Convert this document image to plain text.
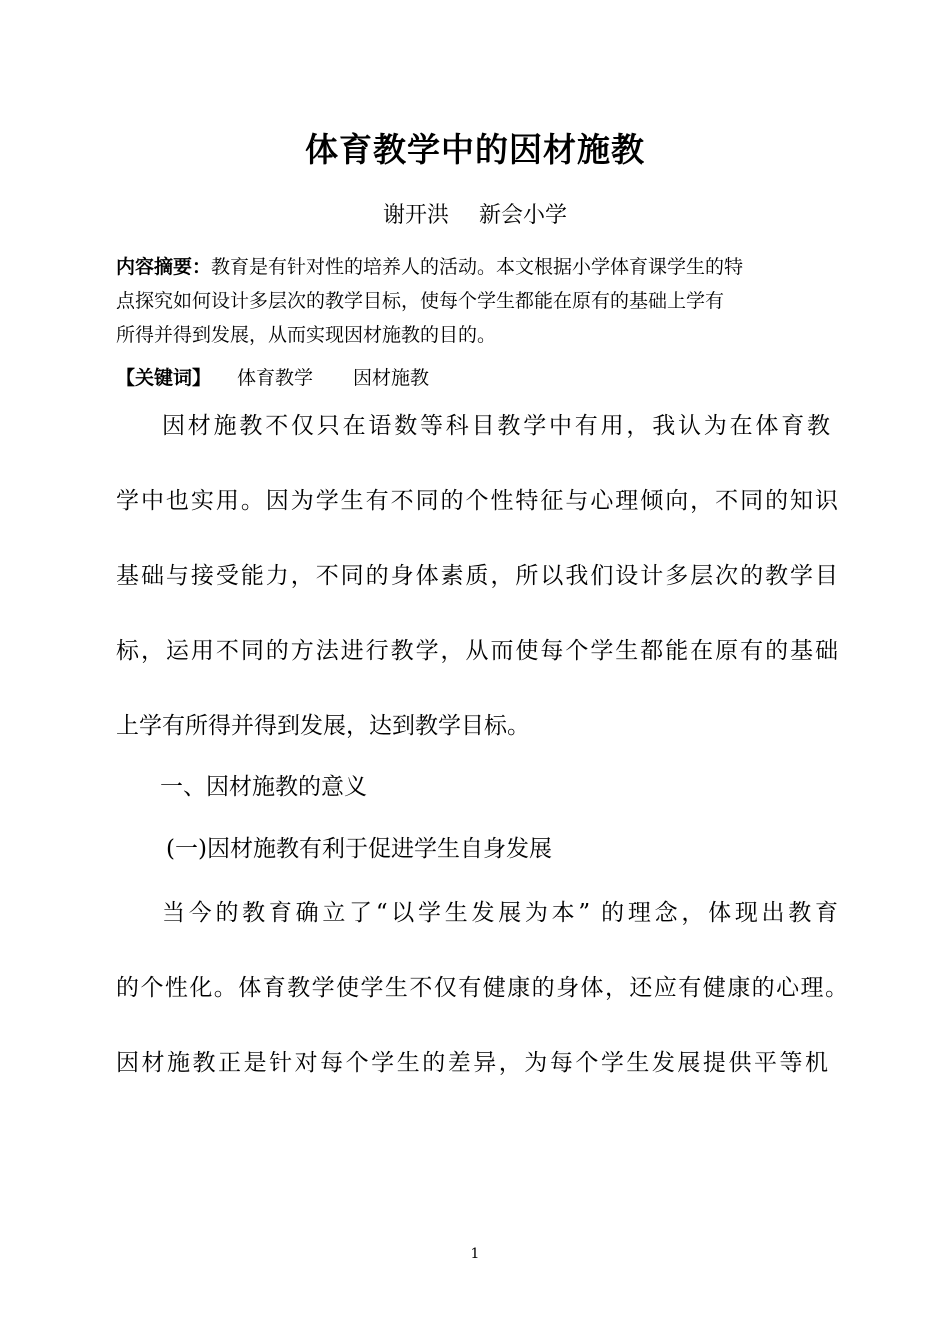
体育教学中的因材施教
谢开洪 新会小学
内容摘要：教育是有针对性的培养人的活动。本文根据小学体育课学生的特
点探究如何设计多层次的教学目标，使每个学生都能在原有的基础上学有
所得并得到发展，从而实现因材施教的目的。
【关键词】 体育教学 因材施教
因材施教不仅只在语数等科目教学中有用，我认为在体育教
学中也实用。因为学生有不同的个性特征与心理倾向，不同的知识
基础与接受能力，不同的身体素质，所以我们设计多层次的教学目
标，运用不同的方法进行教学，从而使每个学生都能在原有的基础
上学有所得并得到发展，达到教学目标。
一、因材施教的意义
(一)因材施教有利于促进学生自身发展
当今的教育确立了“以学生发展为本” 的理念，体现出教育
的个性化。体育教学使学生不仅有健康的身体，还应有健康的心理。
因材施教正是针对每个学生的差异，为每个学生发展提供平等机
1
